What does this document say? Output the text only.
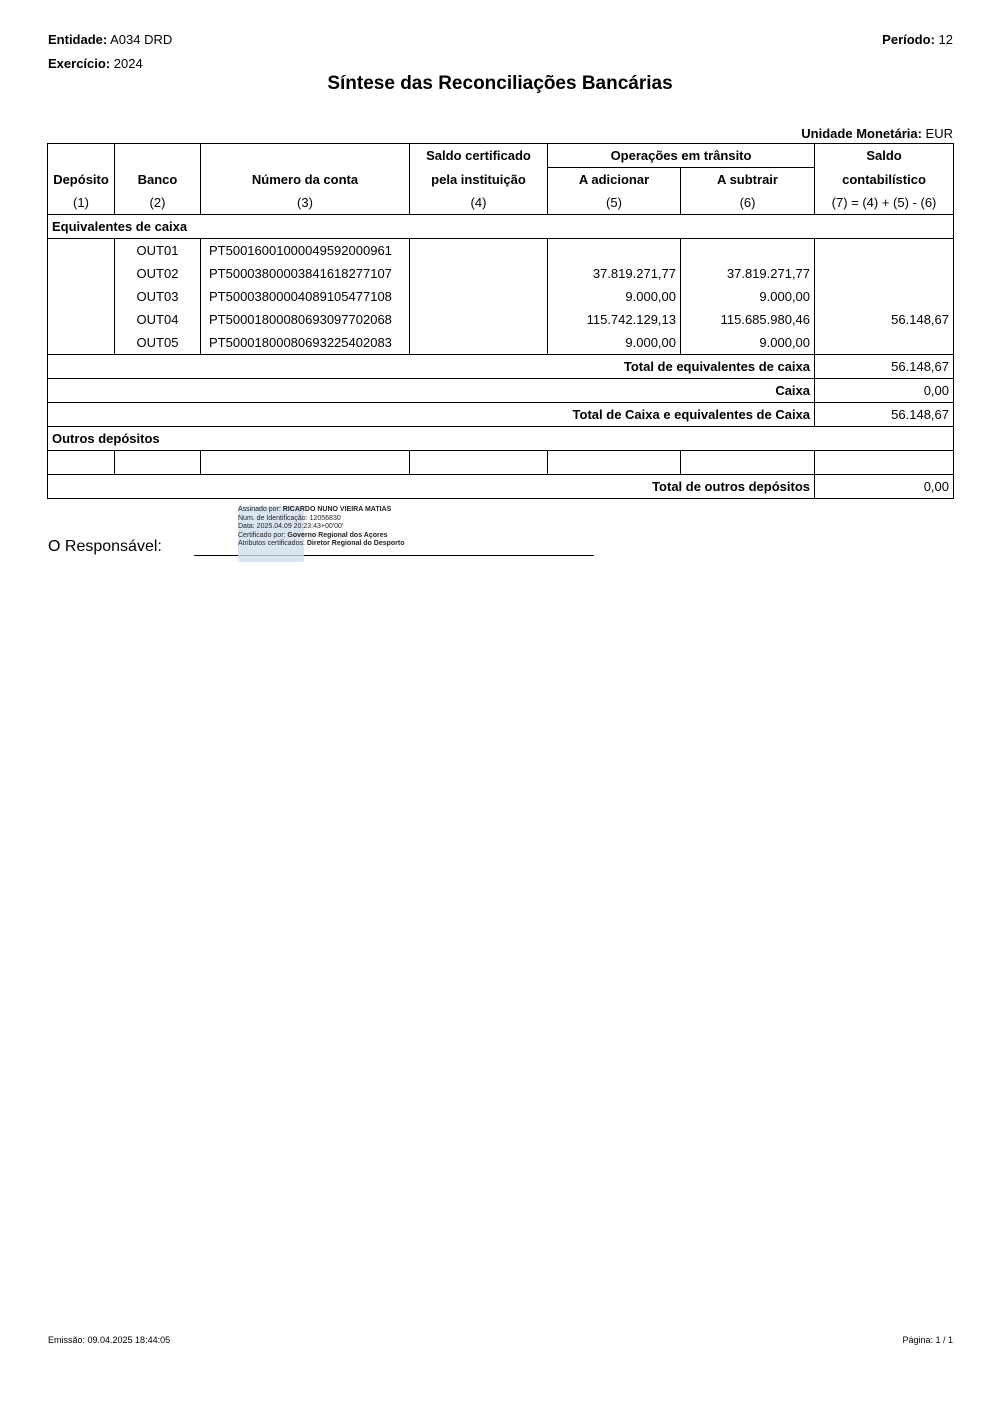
Entidade: A034 DRD
Exercício: 2024
Período: 12
Síntese das Reconciliações Bancárias
Unidade Monetária: EUR
			Saldo certificado	Operações em trânsito		Saldo
Depósito	Banco	Número da conta	pela instituição	A adicionar	A subtrair	contabilístico
(1)	(2)	(3)	(4)	(5)	(6)	(7) = (4) + (5) - (6)
Equivalentes de caixa						
	OUT01	PT50016001000049592000961				
	OUT02	PT50003800003841618277107		37.819.271,77	37.819.271,77	
	OUT03	PT50003800004089105477108		9.000,00	9.000,00	
	OUT04	PT50001800080693097702068		115.742.129,13	115.685.980,46	56.148,67
	OUT05	PT50001800080693225402083		9.000,00	9.000,00	
Total de equivalentes de caixa						56.148,67
Caixa						0,00
Total de Caixa e equivalentes de Caixa						56.148,67
Outros depósitos						

Total de outros depósitos						0,00
O Responsável:
Assinado por: RICARDO NUNO VIEIRA MATIAS
Num. de Identificação: 12056830
Data: 2025.04.09 20:23:43+00'00'
Certificado por: Governo Regional dos Açores
Atributos certificados: Diretor Regional do Desporto
Emissão: 09.04.2025 18:44:05	Página: 1 / 1
